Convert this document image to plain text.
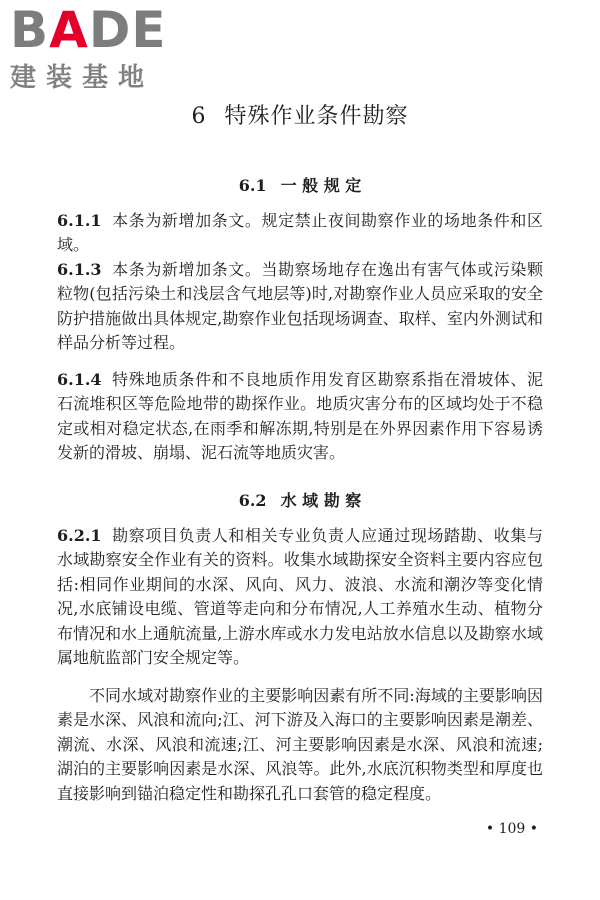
BADE
建装基地
6 特殊作业条件勘察
6.1 一 般 规 定

6.1.1 本条为新增加条文。规定禁止夜间勘察作业的场地条件和区域。

6.1.3 本条为新增加条文。当勘察场地存在逸出有害气体或污染颗粒物(包括污染土和浅层含气地层等)时,对勘察作业人员应采取的安全防护措施做出具体规定,勘察作业包括现场调查、取样、室内外测试和样品分析等过程。

6.1.4 特殊地质条件和不良地质作用发育区勘察系指在滑坡体、泥石流堆积区等危险地带的勘探作业。地质灾害分布的区域均处于不稳定或相对稳定状态,在雨季和解冻期,特别是在外界因素作用下容易诱发新的滑坡、崩塌、泥石流等地质灾害。

6.2 水 域 勘 察

6.2.1 勘察项目负责人和相关专业负责人应通过现场踏勘、收集与水域勘察安全作业有关的资料。收集水域勘探安全资料主要内容应包括:相同作业期间的水深、风向、风力、波浪、水流和潮汐等变化情况,水底铺设电缆、管道等走向和分布情况,人工养殖水生动、植物分布情况和水上通航流量,上游水库或水力发电站放水信息以及勘察水域属地航监部门安全规定等。

不同水域对勘察作业的主要影响因素有所不同:海域的主要影响因素是水深、风浪和流向;江、河下游及入海口的主要影响因素是潮差、潮流、水深、风浪和流速;江、河主要影响因素是水深、风浪和流速;湖泊的主要影响因素是水深、风浪等。此外,水底沉积物类型和厚度也直接影响到锚泊稳定性和勘探孔孔口套管的稳定程度。

• 109 •
